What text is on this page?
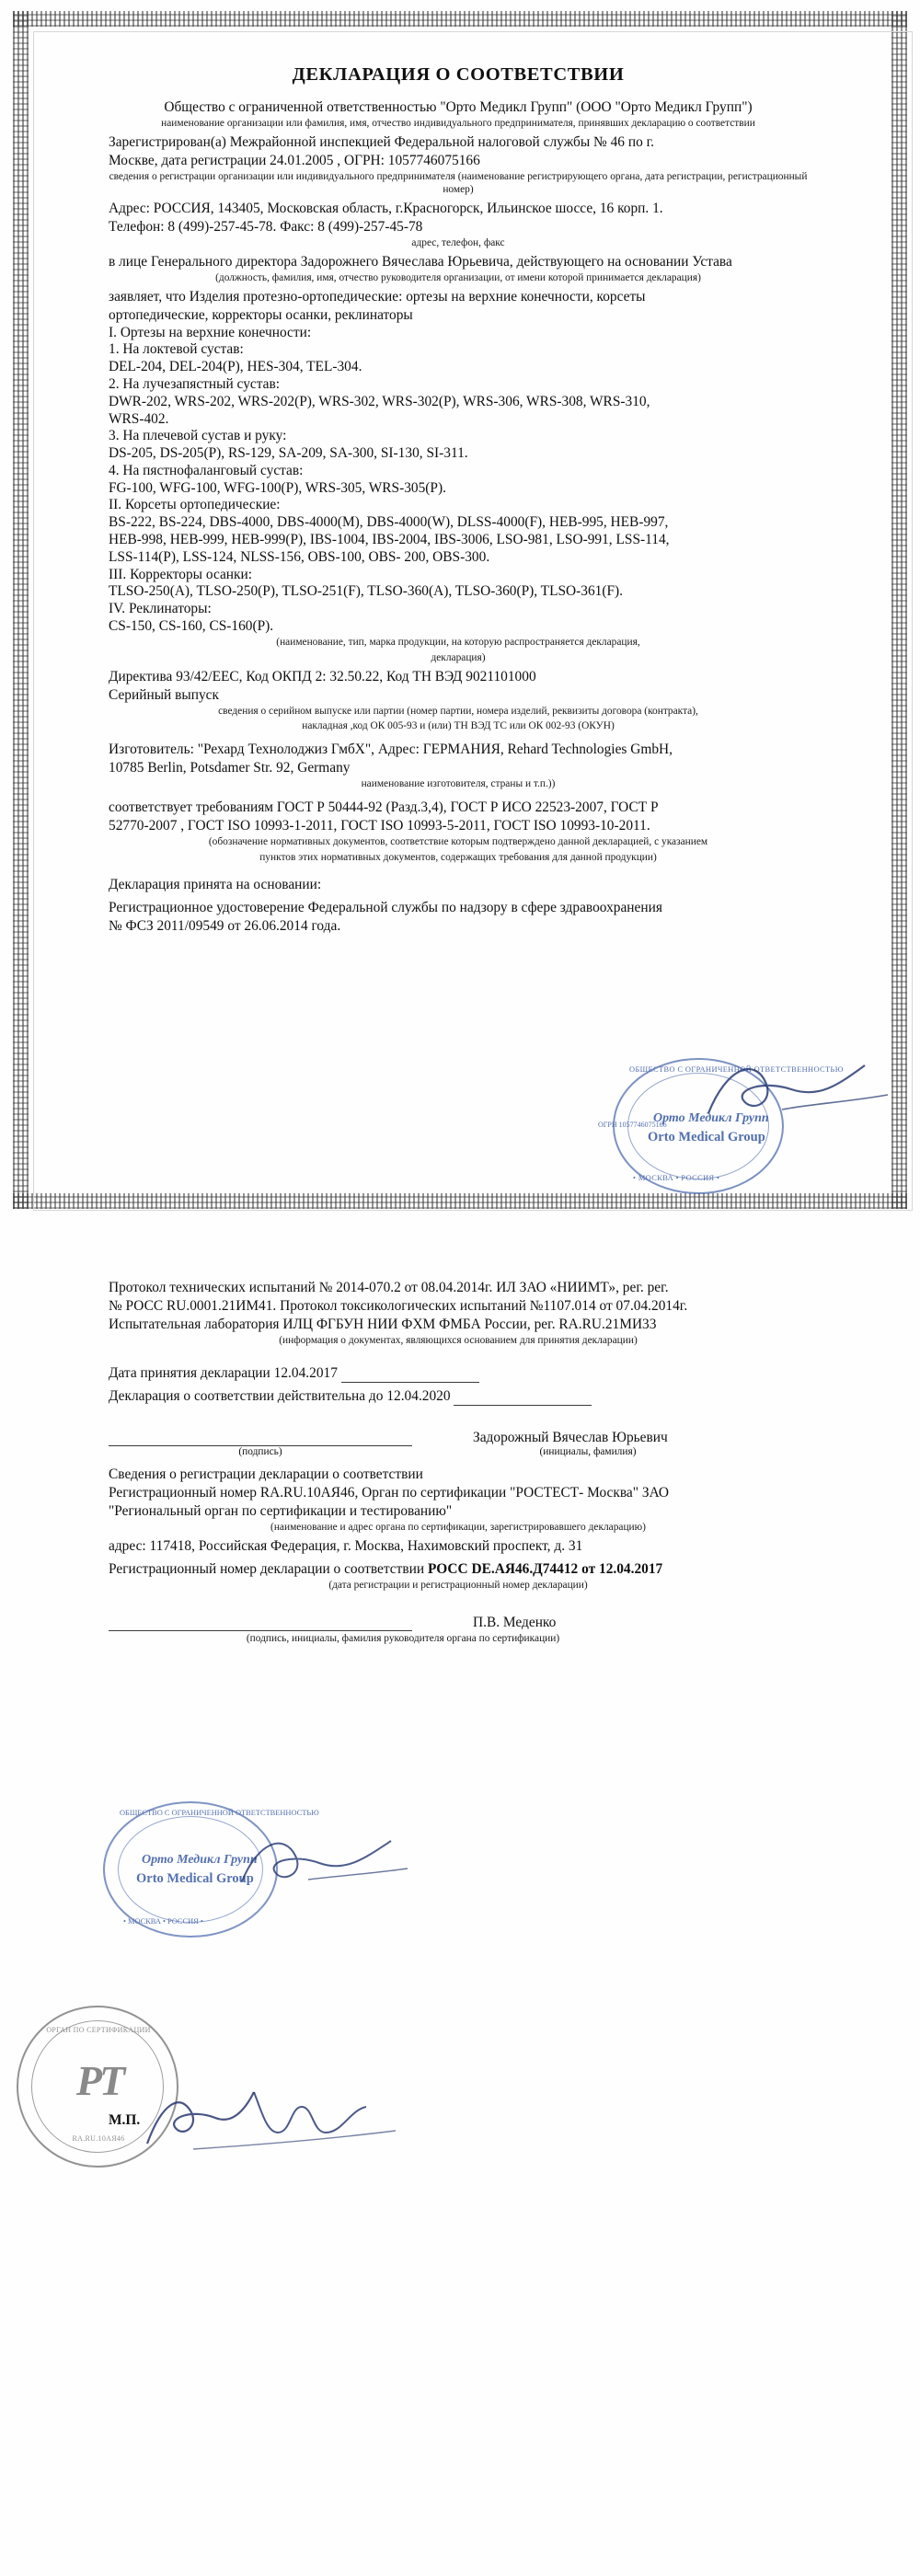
ДЕКЛАРАЦИЯ О СООТВЕТСТВИИ

Общество с ограниченной ответственностью "Орто Медикл Групп" (ООО "Орто Медикл Групп")

наименование организации или фамилия, имя, отчество индивидуального предпринимателя, принявших декларацию о соответствии

Зарегистрирован(а) Межрайонной инспекцией Федеральной налоговой службы № 46 по г.

Москве, дата регистрации 24.01.2005 , ОГРН: 1057746075166

сведения о регистрации организации или индивидуального предпринимателя (наименование регистрирующего органа, дата регистрации, регистрационный номер)

Адрес: РОССИЯ, 143405, Московская область, г.Красногорск, Ильинское шоссе, 16 корп. 1.

Телефон: 8 (499)-257-45-78. Факс: 8 (499)-257-45-78

адрес, телефон, факс

в лице Генерального директора Задорожнего Вячеслава Юрьевича, действующего на основании Устава

(должность, фамилия, имя, отчество руководителя организации, от имени которой принимается декларация)

заявляет, что Изделия протезно-ортопедические: ортезы на верхние конечности, корсеты

ортопедические, корректоры осанки, реклинаторы

I. Ортезы на верхние конечности:

1. На локтевой сустав:

DEL-204, DEL-204(P), HES-304, TEL-304.

2. На лучезапястный сустав:

DWR-202, WRS-202, WRS-202(P), WRS-302, WRS-302(P), WRS-306, WRS-308, WRS-310,

WRS-402.

3. На плечевой сустав и руку:

DS-205, DS-205(P), RS-129, SA-209, SA-300, SI-130, SI-311.

4. На пястнофаланговый сустав:

FG-100, WFG-100, WFG-100(P), WRS-305, WRS-305(P).

II. Корсеты ортопедические:

BS-222, BS-224, DBS-4000, DBS-4000(M), DBS-4000(W), DLSS-4000(F), HEB-995, HEB-997,

HEB-998, HEB-999, HEB-999(P), IBS-1004, IBS-2004, IBS-3006, LSO-981, LSO-991, LSS-114,

LSS-114(P), LSS-124, NLSS-156, OBS-100, OBS- 200, OBS-300.

III. Корректоры осанки:

TLSO-250(A), TLSO-250(P), TLSO-251(F), TLSO-360(A), TLSO-360(P), TLSO-361(F).

IV. Реклинаторы:

CS-150, CS-160, CS-160(P).

(наименование, тип, марка продукции, на которую распространяется декларация,

декларация)

Директива 93/42/ЕЕС, Код ОКПД 2: 32.50.22, Код ТН ВЭД 9021101000

Серийный выпуск

сведения о серийном выпуске или партии (номер партии, номера изделий, реквизиты договора (контракта),

накладная ,код ОК 005-93 и (или) ТН ВЭД ТС или ОК 002-93 (ОКУН)

Изготовитель: "Рехард Технолоджиз ГмбХ", Адрес: ГЕРМАНИЯ, Rehard Technologies GmbH,

10785 Berlin, Potsdamer Str. 92, Germany

наименование изготовителя, страны и т.п.))

соответствует требованиям ГОСТ Р 50444-92 (Разд.3,4), ГОСТ Р ИСО 22523-2007, ГОСТ Р

52770-2007 , ГОСТ ISO 10993-1-2011, ГОСТ ISO 10993-5-2011, ГОСТ ISO 10993-10-2011.

(обозначение нормативных документов, соответствие которым подтверждено данной декларацией, с указанием

пунктов этих нормативных документов, содержащих требования для данной продукции)

Декларация принята на основании:

Регистрационное удостоверение Федеральной службы по надзору в сфере здравоохранения

№ ФСЗ 2011/09549 от 26.06.2014 года.

ОБЩЕСТВО С ОГРАНИЧЕННОЙ ОТВЕТСТВЕННОСТЬЮ
Орто Медикл Групп
Orto Medical Group
• МОСКВА • РОССИЯ •
ОГРН 1057746075166

Протокол технических испытаний № 2014-070.2 от 08.04.2014г. ИЛ ЗАО «НИИМТ», рег. рег.

№ РОСС RU.0001.21ИМ41. Протокол токсикологических испытаний №1107.014 от 07.04.2014г.

Испытательная лаборатория ИЛЦ ФГБУН НИИ ФХМ ФМБА России, рег. RA.RU.21МИ33

(информация о документах, являющихся основанием для принятия декларации)

Дата принятия декларации 12.04.2017

Декларация о соответствии действительна до 12.04.2020

Задорожный Вячеслав Юрьевич
(подпись)	(инициалы, фамилия)

Сведения о регистрации декларации о соответствии

Регистрационный номер RA.RU.10АЯ46, Орган по сертификации "РОСТЕСТ- Москва" ЗАО

"Региональный орган по сертификации и тестированию"

(наименование и адрес органа по сертификации, зарегистрировавшего декларацию)

адрес: 117418, Российская Федерация, г. Москва, Нахимовский проспект, д. 31

Регистрационный номер декларации о соответствии РОСС DE.АЯ46.Д74412 от 12.04.2017

(дата регистрации и регистрационный номер декларации)

П.В. Меденко

(подпись, инициалы, фамилия руководителя органа по сертификации)

М.П.
ОБЩЕСТВО С ОГРАНИЧЕННОЙ ОТВЕТСТВЕННОСТЬЮ
Орто Медикл Групп
Orto Medical Group
• МОСКВА • РОССИЯ •
ОРГАН ПО СЕРТИФИКАЦИИ
РТ
RA.RU.10АЯ46
